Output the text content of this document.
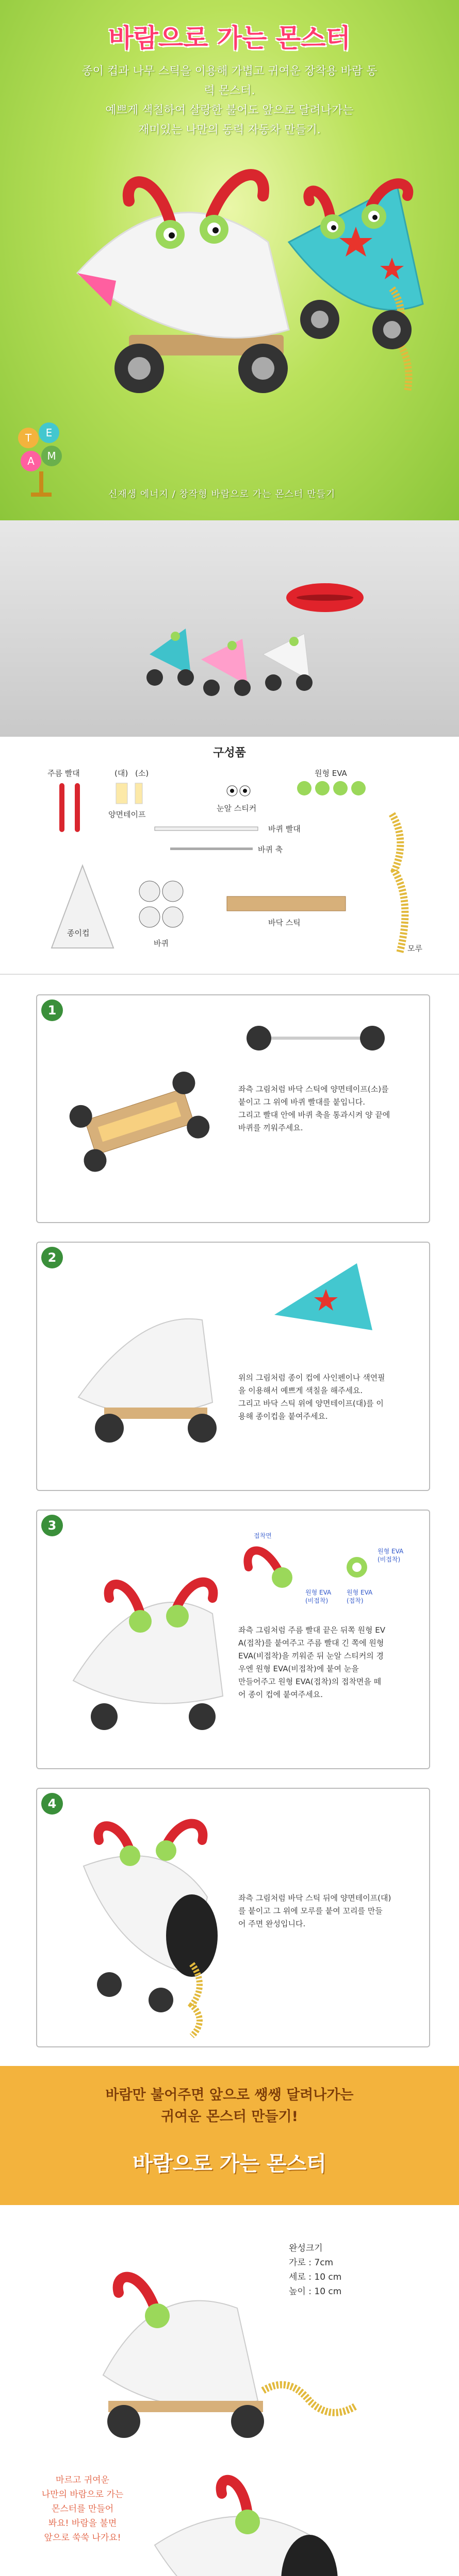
바람으로 가는 몬스터
종이 컵과 나무 스틱을 이용해 가볍고 귀여운 장착용 바람 동력 몬스터.
예쁘게 색칠하여 살랑한 불어도 앞으로 달려나가는
재미있는 나만의 동력 자동차 만들기.
T E
A M
신재생 에너지 / 창작형 바람으로 가는 몬스터 만들기
구성품
주름 빨대	(대) (소)
양면테이프
눈알 스티커
원형 EVA
바퀴 빨대
바퀴 축
종이컵
바퀴
바닥 스틱
모루
1
좌측 그림처럼 바닥 스틱에 양면테이프(소)를
붙이고 그 위에 바퀴 빨대를 붙입니다.
그리고 빨대 안에 바퀴 축을 통과시켜 양 끝에
바퀴를 끼워주세요.
2
위의 그림처럼 종이 컵에 사인펜이나 색연필
을 이용해서 예쁘게 색칠을 해주세요.
그리고 바닥 스틱 위에 양면테이프(대)를 이
용해 종이컵을 붙여주세요.
3
접착면
원형 EVA
(비접착)
원형 EVA
(접착)
원형 EVA
(비접착)
좌측 그림처럼 주름 빨대 끝은 뒤쪽 원형 EV
A(접착)를 붙여주고 주름 빨대 긴 쪽에 원형
EVA(비접착)을 끼워준 뒤 눈알 스티커의 경
우엔 원형 EVA(비접착)에 붙여 눈을
만들어주고 원형 EVA(접착)의 접착면을 떼
어 종이 컵에 붙여주세요.
4
좌측 그림처럼 바닥 스틱 뒤에 양면테이프(대)
를 붙이고 그 위에 모루를 붙여 꼬리를 만들
어 주면 완성입니다.
바람만 불어주면 앞으로 쌩쌩 달려나가는
귀여운 몬스터 만들기!
바람으로 가는 몬스터
완성크기
가로 : 7cm
세로 : 10 cm
높이 : 10 cm
마르고 귀여운
나만의 바람으로 가는
몬스터를 만들어
봐요! 바람을 불면
앞으로 쑥쑥 나가요!
